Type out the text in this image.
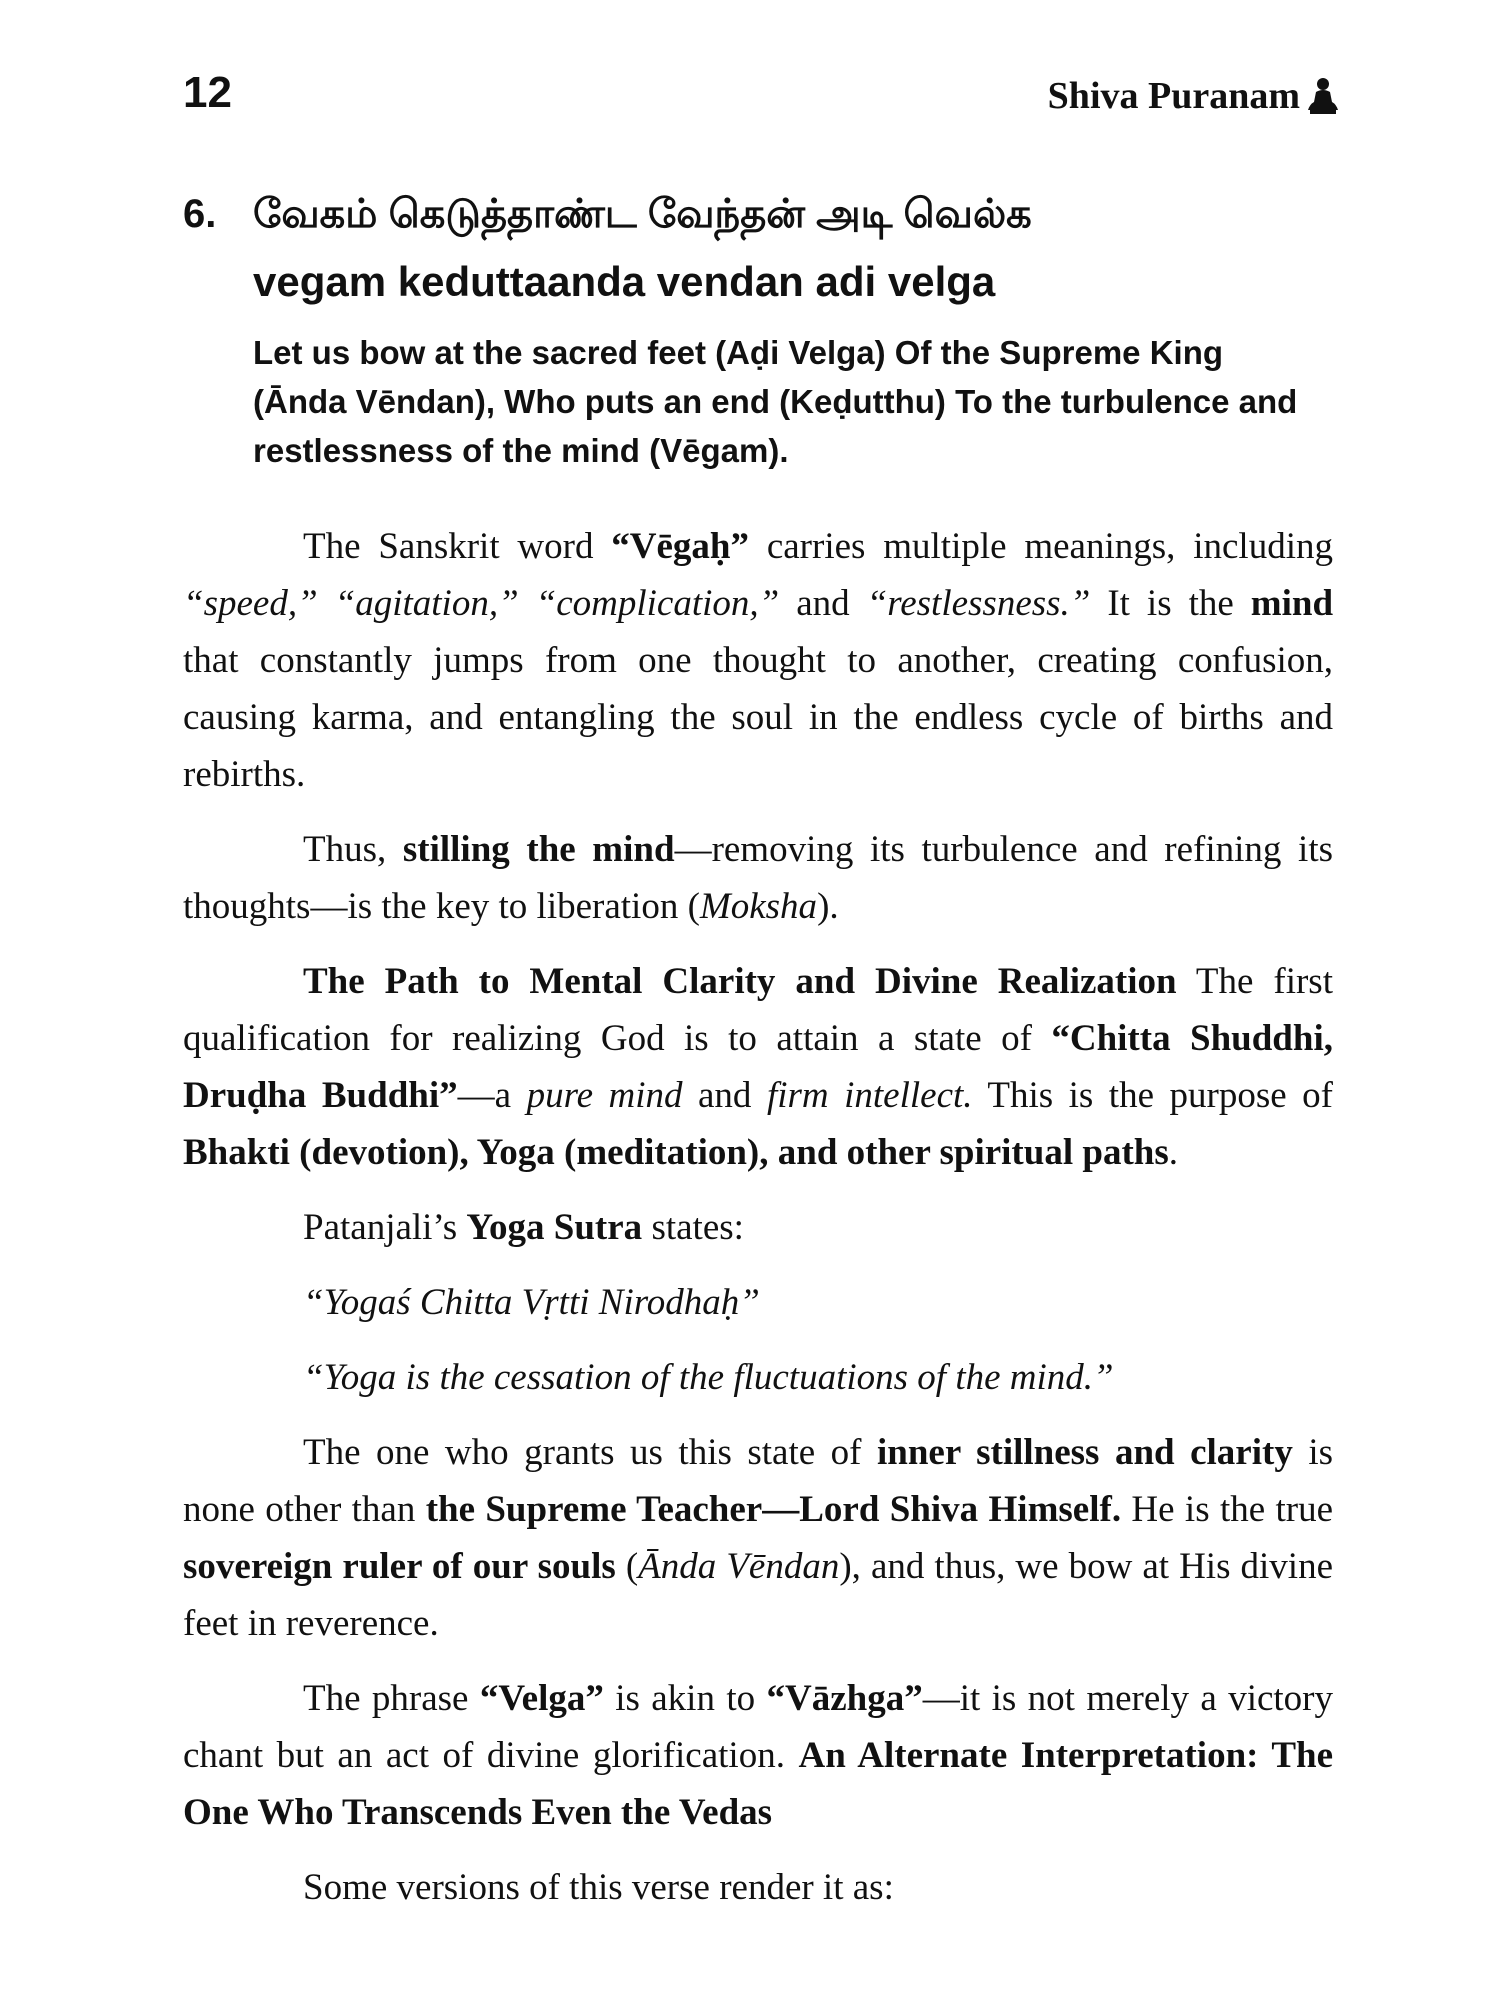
12	Shiva Puranam
6. வேகம் கெடுத்தாண்ட வேந்தன் அடி வெல்க
vegam keduttaanda vendan adi velga
Let us bow at the sacred feet (Aḍi Velga) Of the Supreme King (Ānda Vēndan), Who puts an end (Keḍutthu) To the turbulence and restlessness of the mind (Vēgam).

The Sanskrit word “Vēgaḥ” carries multiple meanings, including “speed,” “agitation,” “complication,” and “restlessness.” It is the mind that constantly jumps from one thought to another, creating confusion, causing karma, and entangling the soul in the endless cycle of births and rebirths.

Thus, stilling the mind—removing its turbulence and refining its thoughts—is the key to liberation (Moksha).

The Path to Mental Clarity and Divine Realization The first qualification for realizing God is to attain a state of “Chitta Shuddhi, Druḍha Buddhi”—a pure mind and firm intellect. This is the purpose of Bhakti (devotion), Yoga (meditation), and other spiritual paths.

Patanjali’s Yoga Sutra states:

“Yogaś Chitta Vṛtti Nirodhaḥ”

“Yoga is the cessation of the fluctuations of the mind.”

The one who grants us this state of inner stillness and clarity is none other than the Supreme Teacher—Lord Shiva Himself. He is the true sovereign ruler of our souls (Ānda Vēndan), and thus, we bow at His divine feet in reverence.

The phrase “Velga” is akin to “Vāzhga”—it is not merely a victory chant but an act of divine glorification. An Alternate Interpretation: The One Who Transcends Even the Vedas

Some versions of this verse render it as:
